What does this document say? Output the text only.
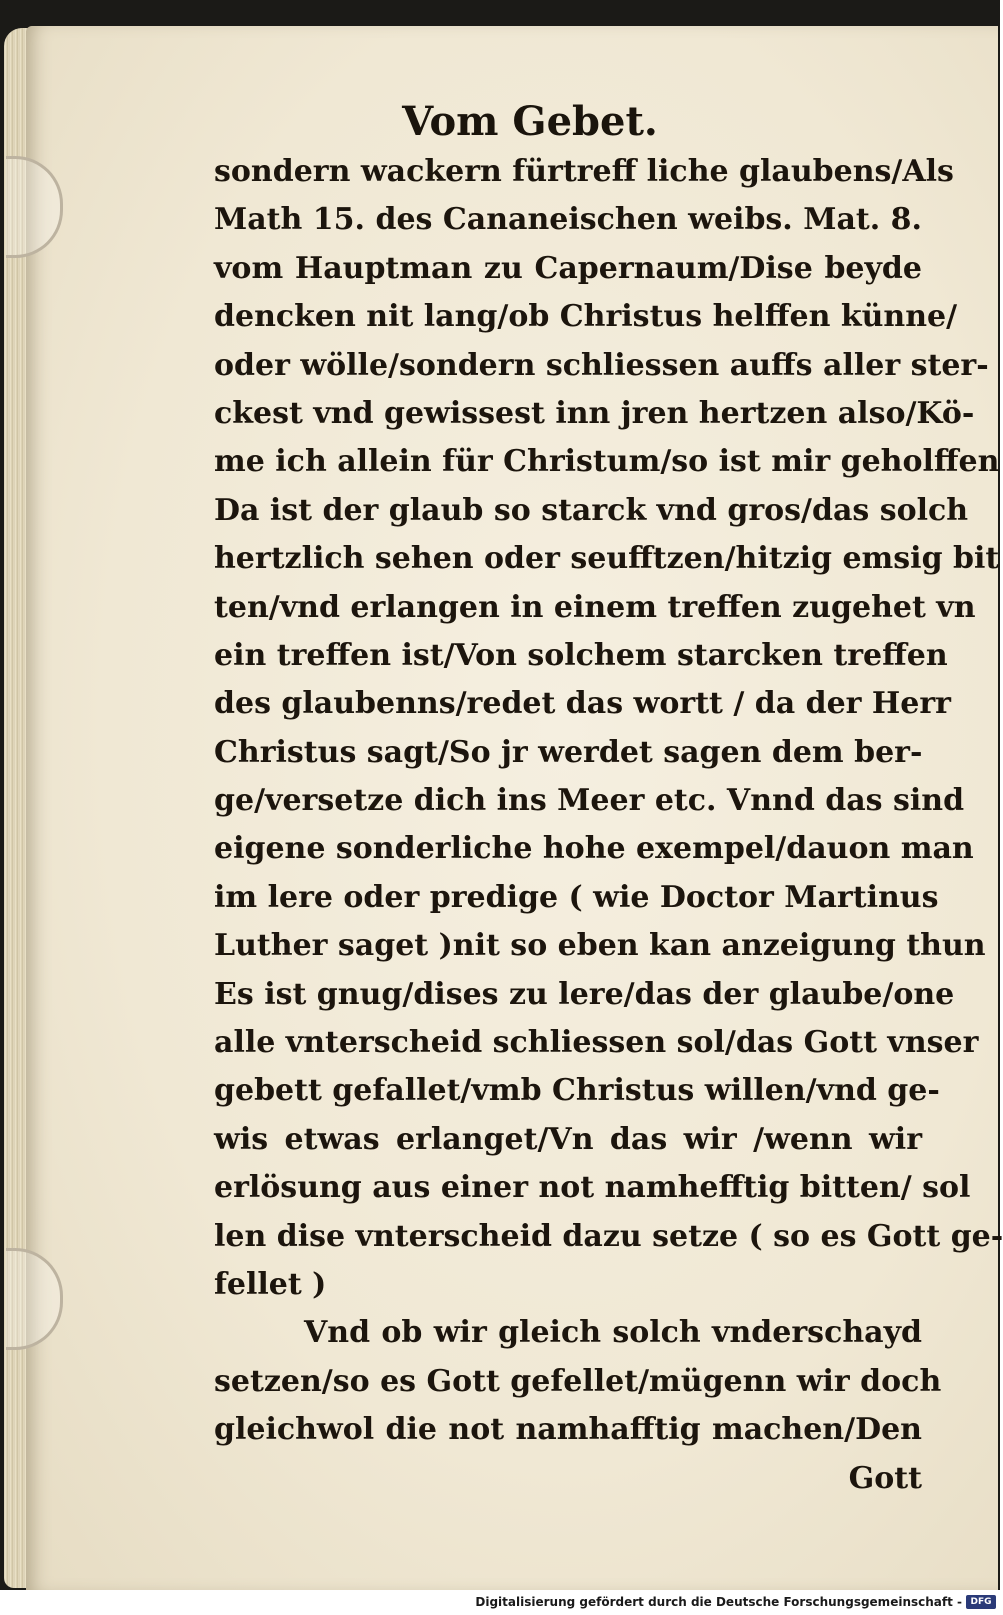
Vom Gebet.
sondern wackern fürtreff liche glaubens/Als
Math 15. des Cananeischen weibs. Mat. 8.
vom Hauptman zu Capernaum/Dise beyde
dencken nit lang/ob Christus helffen künne/
oder wölle/sondern schliessen auffs aller ster-
ckest vnd gewissest inn jren hertzen also/Kö-
me ich allein für Christum/so ist mir geholffen
Da ist der glaub so starck vnd gros/das solch
hertzlich sehen oder seufftzen/hitzig emsig bit
ten/vnd erlangen in einem treffen zugehet vn
ein treffen ist/Von solchem starcken treffen
des glaubenns/redet das wortt / da der Herr
Christus sagt/So jr werdet sagen dem ber-
ge/versetze dich ins Meer etc. Vnnd das sind
eigene sonderliche hohe exempel/dauon man
im lere oder predige ( wie Doctor Martinus
Luther saget )nit so eben kan anzeigung thun
Es ist gnug/dises zu lere/das der glaube/one
alle vnterscheid schliessen sol/das Gott vnser
gebett gefallet/vmb Christus willen/vnd ge-
wis etwas erlanget/Vn das wir /wenn wir
erlösung aus einer not namhefftig bitten/ sol
len dise vnterscheid dazu setze ( so es Gott ge-
fellet )
Vnd ob wir gleich solch vnderschayd
setzen/so es Gott gefellet/mügenn wir doch
gleichwol die not namhafftig machen/Den
Gott
Digitalisierung gefördert durch die Deutsche Forschungsgemeinschaft - DFG
